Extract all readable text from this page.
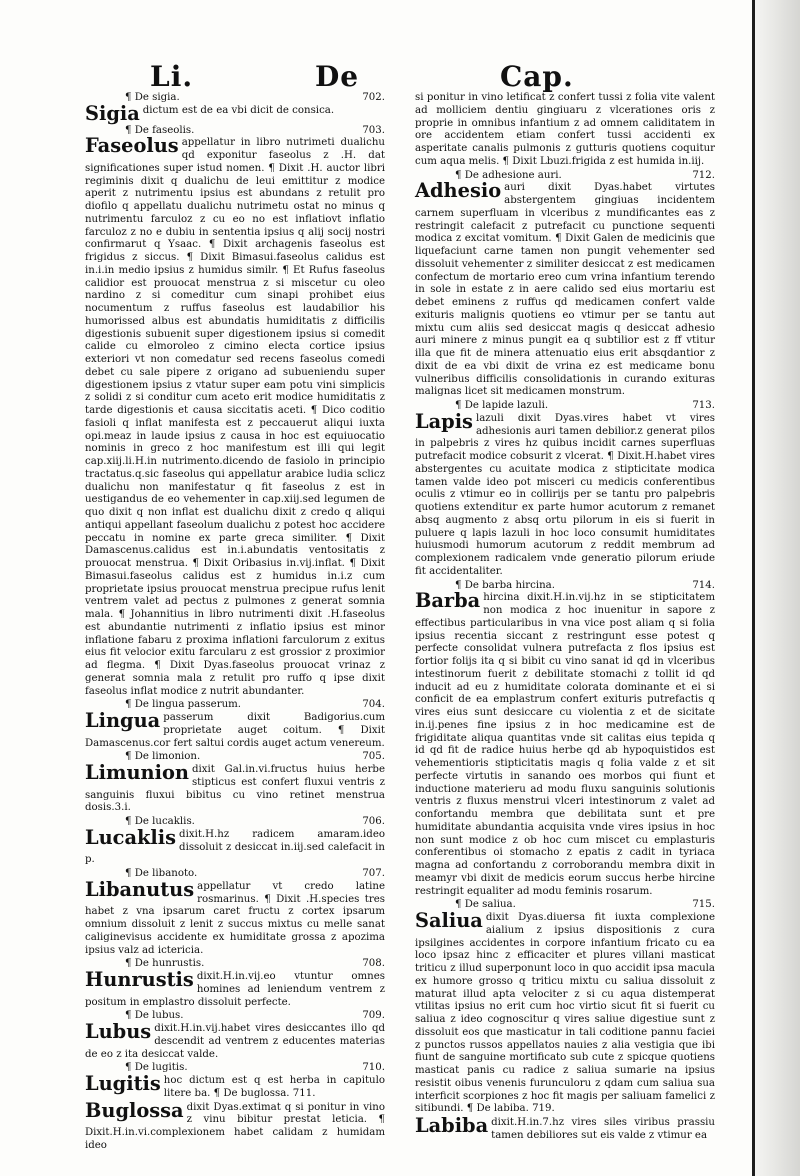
Li.	De	Cap.
¶ De sigia.	702.
Sigia dictum est de ea vbi dicit de consica.
¶ De faseolis.	703.
Faseolus appellatur in libro nutrimeti dualichu qd exponitur faseolus z .H. dat significationes super istud nomen. ¶ Dixit .H. auctor libri regiminis dixit q dualichu de leui emittitur z modice aperit z nutrimentu ipsius est abundans z retulit pro diofilo q appellatu dualichu nutrimetu ostat no minus q nutrimentu farculoz z cu eo no est inflatiovt inflatio farculoz z no e dubiu in sententia ipsius q alij socij nostri confirmarut q Ysaac. ¶ Dixit archagenis faseolus est frigidus z siccus. ¶ Dixit Bimasui.faseolus calidus est in.i.in medio ipsius z humidus similr. ¶ Et Rufus faseolus calidior est prouocat menstrua z si miscetur cu oleo nardino z si comeditur cum sinapi prohibet eius nocumentum z ruffus faseolus est laudabilior his humorissed albus est abundatis humiditatis z difficilis digestionis subuenit super digestionem ipsius si comedit calide cu elmoroleo z cimino electa cortice ipsius exteriori vt non comedatur sed recens faseolus comedi debet cu sale pipere z origano ad subueniendu super digestionem ipsius z vtatur super eam potu vini simplicis z solidi z si conditur cum aceto erit modice humiditatis z tarde digestionis et causa siccitatis aceti. ¶ Dico coditio fasioli q inflat manifesta est z peccauerut aliqui iuxta opi.meaz in laude ipsius z causa in hoc est equiuocatio nominis in greco z hoc manifestum est illi qui legit cap.xiij.li.H.in nutrimento.dicendo de fasiolo in principio tractatus.q.sic faseolus qui appellatur arabice ludia sclicz dualichu non manifestatur q fit faseolus z est in uestigandus de eo vehementer in cap.xiij.sed legumen de quo dixit q non inflat est dualichu dixit z credo q aliqui antiqui appellant faseolum dualichu z potest hoc accidere peccatu in nomine ex parte greca similiter. ¶ Dixit Damascenus.calidus est in.i.abundatis ventositatis z prouocat menstrua. ¶ Dixit Oribasius in.vij.inflat. ¶ Dixit Bimasui.faseolus calidus est z humidus in.i.z cum proprietate ipsius prouocat menstrua precipue rufus lenit ventrem valet ad pectus z pulmones z generat somnia mala. ¶ Johannitius in libro nutrimenti dixit .H.faseolus est abundantie nutrimenti z inflatio ipsius est minor inflatione fabaru z proxima inflationi farculorum z exitus eius fit velocior exitu farcularu z est grossior z proximior ad flegma. ¶ Dixit Dyas.faseolus prouocat vrinaz z generat somnia mala z retulit pro ruffo q ipse dixit faseolus inflat modice z nutrit abundanter.
¶ De lingua passerum.	704.
Lingua passerum dixit Badigorius.cum proprietate auget coitum. ¶ Dixit Damascenus.cor fert saltui cordis auget actum venereum.
¶ De limonion.	705.
Limunion dixit Gal.in.vi.fructus huius herbe stipticus est confert fluxui ventris z sanguinis fluxui bibitus cu vino retinet menstrua dosis.3.i.
¶ De lucaklis.	706.
Lucaklis dixit.H.hz radicem amaram.ideo dissoluit z desiccat in.iij.sed calefacit in p.
¶ De libanoto.	707.
Libanutus appellatur vt credo latine rosmarinus. ¶ Dixit .H.species tres habet z vna ipsarum caret fructu z cortex ipsarum omnium dissoluit z lenit z succus mixtus cu melle sanat caliginevisus accidente ex humiditate grossa z apozima ipsius valz ad ictericia.
¶ De hunrustis.	708.
Hunrustis dixit.H.in.vij.eo vtuntur omnes homines ad leniendum ventrem z positum in emplastro dissoluit perfecte.
¶ De lubus.	709.
Lubus dixit.H.in.vij.habet vires desiccantes illo qd descendit ad ventrem z educentes materias de eo z ita desiccat valde.
¶ De lugitis.	710.
Lugitis hoc dictum est q est herba in capitulo litere ba. ¶ De buglossa. 711.
Buglossa dixit Dyas.extimat q si ponitur in vino z vinu bibitur prestat leticia. ¶ Dixit.H.in.vi.complexionem habet calidam z humidam ideo
si ponitur in vino letificat z confert tussi z folia vite valent ad molliciem dentiu gingiuaru z vlcerationes oris z proprie in omnibus infantium z ad omnem caliditatem in ore accidentem etiam confert tussi accidenti ex asperitate canalis pulmonis z gutturis quotiens coquitur cum aqua melis. ¶ Dixit Lbuzi.frigida z est humida in.iij.
¶ De adhesione auri.	712.
Adhesio auri dixit Dyas.habet virtutes abstergentem gingiuas incidentem carnem superfluam in vlceribus z mundificantes eas z restringit calefacit z putrefacit cu punctione sequenti modica z excitat vomitum. ¶ Dixit Galen de medicinis que liquefaciunt carne tamen non pungit vehementer sed dissoluit vehementer z similiter desiccat z est medicamen confectum de mortario ereo cum vrina infantium terendo in sole in estate z in aere calido sed eius mortariu est debet eminens z ruffus qd medicamen confert valde exituris malignis quotiens eo vtimur per se tantu aut mixtu cum aliis sed desiccat magis q desiccat adhesio auri minere z minus pungit ea q subtilior est z ff vtitur illa que fit de minera attenuatio eius erit absqdantior z dixit de ea vbi dixit de vrina ez est medicame bonu vulneribus difficilis consolidationis in curando exituras malignas licet sit medicamen monstrum.
¶ De lapide lazuli.	713.
Lapis lazuli dixit Dyas.vires habet vt vires adhesionis auri tamen debilior.z generat pilos in palpebris z vires hz quibus incidit carnes superfluas putrefacit modice cobsurit z vlcerat. ¶ Dixit.H.habet vires abstergentes cu acuitate modica z stipticitate modica tamen valde ideo pot misceri cu medicis conferentibus oculis z vtimur eo in collirijs per se tantu pro palpebris quotiens extenditur ex parte humor acutorum z remanet absq augmento z absq ortu pilorum in eis si fuerit in puluere q lapis lazuli in hoc loco consumit humiditates huiusmodi humorum acutorum z reddit membrum ad complexionem radicalem vnde generatio pilorum eriude fit accidentaliter.
¶ De barba hircina.	714.
Barba hircina dixit.H.in.vij.hz in se stipticitatem non modica z hoc inuenitur in sapore z effectibus particularibus in vna vice post aliam q si folia ipsius recentia siccant z restringunt esse potest q perfecte consolidat vulnera putrefacta z flos ipsius est fortior folijs ita q si bibit cu vino sanat id qd in vlceribus intestinorum fuerit z debilitate stomachi z tollit id qd inducit ad eu z humiditate colorata dominante et ei si conficit de ea emplastrum confert exituris putrefactis q vires eius sunt desiccare cu violentia z et de sicitate in.ij.penes fine ipsius z in hoc medicamine est de frigiditate aliqua quantitas vnde sit calitas eius tepida q id qd fit de radice huius herbe qd ab hypoquistidos est vehementioris stipticitatis magis q folia valde z et sit perfecte virtutis in sanando oes morbos qui fiunt et inductione materieru ad modu fluxu sanguinis solutionis ventris z fluxus menstrui vlceri intestinorum z valet ad confortandu membra que debilitata sunt et pre humiditate abundantia acquisita vnde vires ipsius in hoc non sunt modice z ob hoc cum miscet cu emplasturis conferentibus oi stomacho z epatis z cadit in tyriaca magna ad confortandu z corroborandu membra dixit in meamyr vbi dixit de medicis eorum succus herbe hircine restringit equaliter ad modu feminis rosarum.
¶ De saliua.	715.
Saliua dixit Dyas.diuersa fit iuxta complexione aialium z ipsius dispositionis z cura ipsilgines accidentes in corpore infantium fricato cu ea loco ipsaz hinc z efficaciter et plures villani masticat triticu z illud superponunt loco in quo accidit ipsa macula ex humore grosso q triticu mixtu cu saliua dissoluit z maturat illud apta velociter z si cu aqua distemperat vtilitas ipsius no erit cum hoc virtio sicut fit si fuerit cu saliua z ideo cognoscitur q vires saliue digestiue sunt z dissoluit eos que masticatur in tali coditione pannu faciei z punctos russos appellatos nauies z alia vestigia que ibi fiunt de sanguine mortificato sub cute z spicque quotiens masticat panis cu radice z saliua sumarie na ipsius resistit oibus venenis furunculoru z qdam cum saliua sua interficit scorpiones z hoc fit magis per saliuam famelici z sitibundi. ¶ De labiba. 719.
Labiba dixit.H.in.7.hz vires siles viribus prassiu tamen debiliores sut eis valde z vtimur ea
